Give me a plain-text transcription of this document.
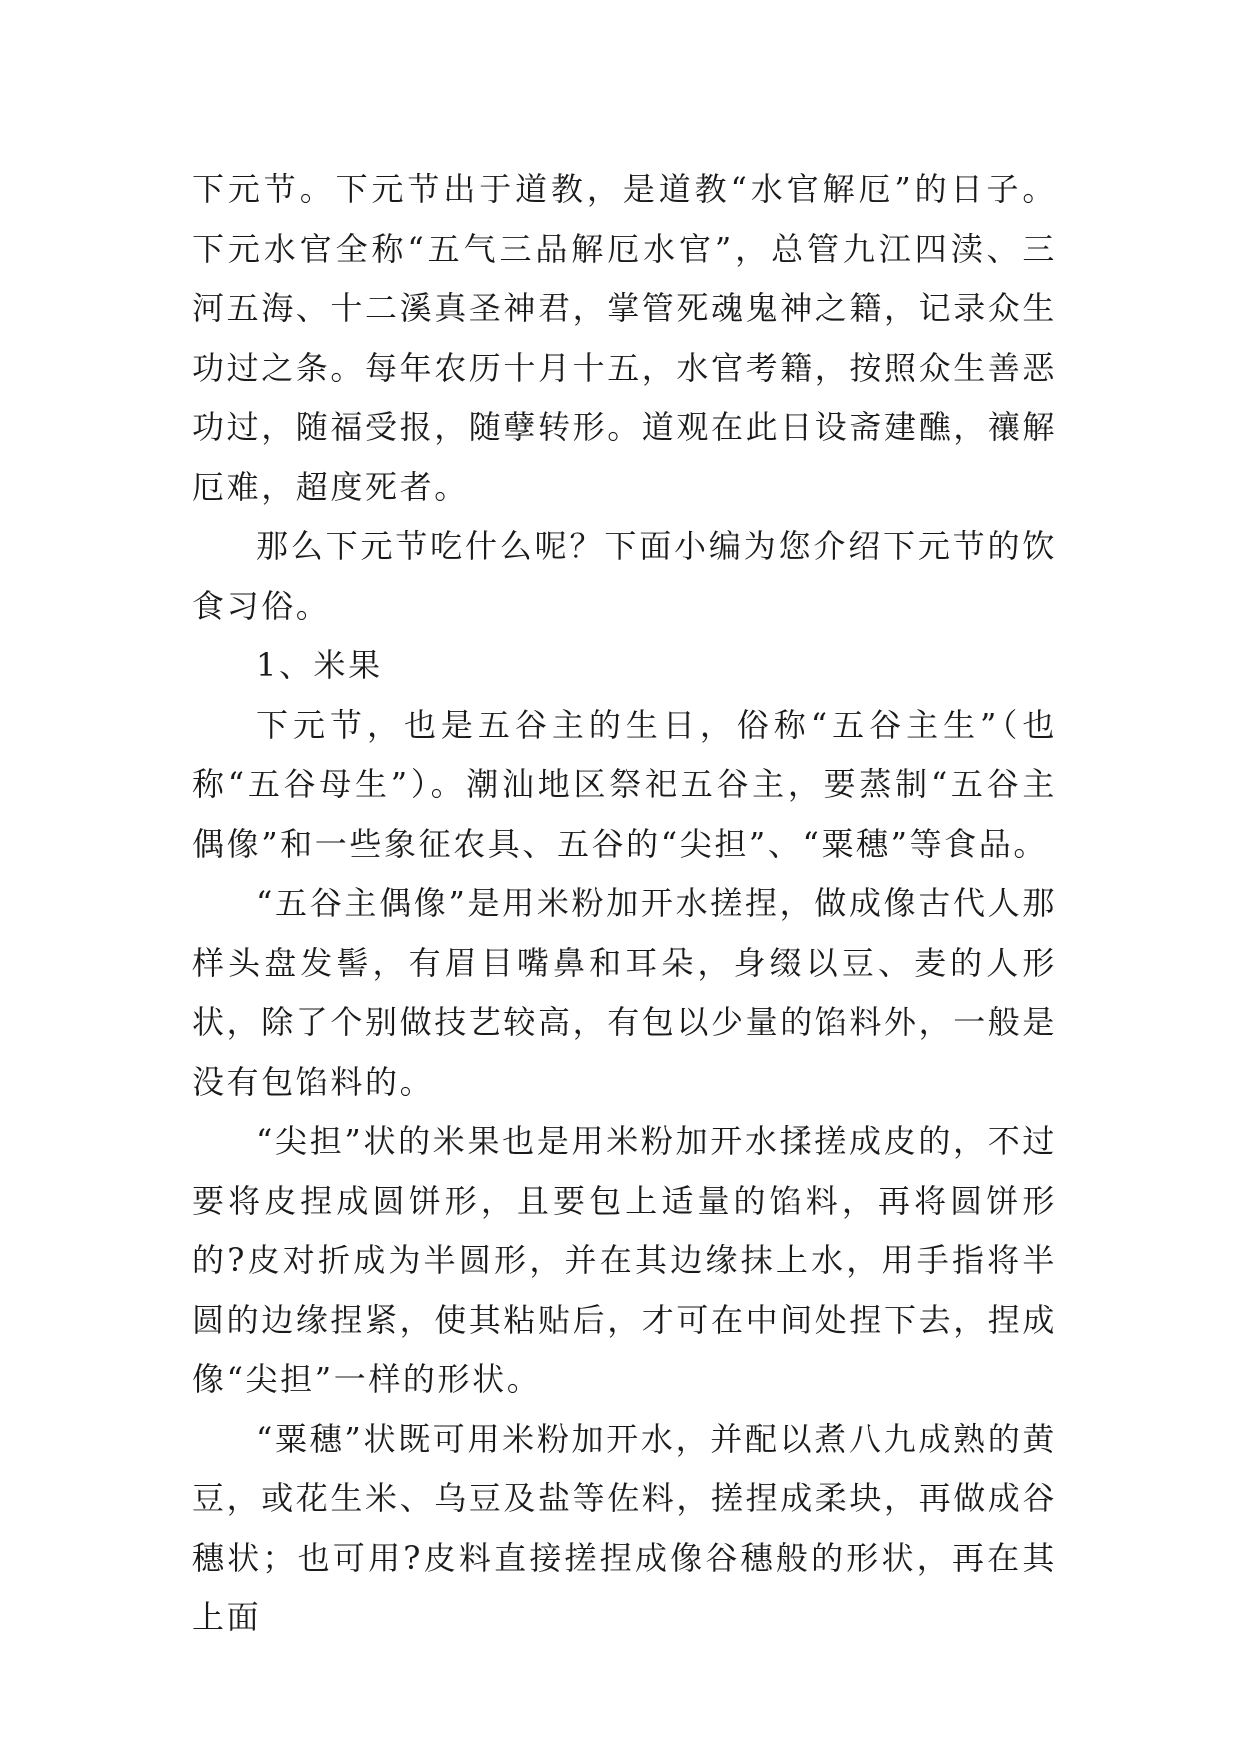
下元节。下元节出于道教，是道教“水官解厄”的日子。下元水官全称“五气三品解厄水官”，总管九江四渎、三河五海、十二溪真圣神君，掌管死魂鬼神之籍，记录众生功过之条。每年农历十月十五，水官考籍，按照众生善恶功过，随福受报，随孽转形。道观在此日设斋建醮，禳解厄难，超度死者。

那么下元节吃什么呢？下面小编为您介绍下元节的饮食习俗。

1、米果

下元节，也是五谷主的生日，俗称“五谷主生”（也称“五谷母生”）。潮汕地区祭祀五谷主，要蒸制“五谷主偶像”和一些象征农具、五谷的“尖担”、“粟穗”等食品。

“五谷主偶像”是用米粉加开水搓捏，做成像古代人那样头盘发髻，有眉目嘴鼻和耳朵，身缀以豆、麦的人形状，除了个别做技艺较高，有包以少量的馅料外，一般是没有包馅料的。

“尖担”状的米果也是用米粉加开水揉搓成皮的，不过要将皮捏成圆饼形，且要包上适量的馅料，再将圆饼形的?皮对折成为半圆形，并在其边缘抹上水，用手指将半圆的边缘捏紧，使其粘贴后，才可在中间处捏下去，捏成像“尖担”一样的形状。

“粟穗”状既可用米粉加开水，并配以煮八九成熟的黄豆，或花生米、乌豆及盐等佐料，搓捏成柔块，再做成谷穗状；也可用?皮料直接搓捏成像谷穗般的形状，再在其上面
